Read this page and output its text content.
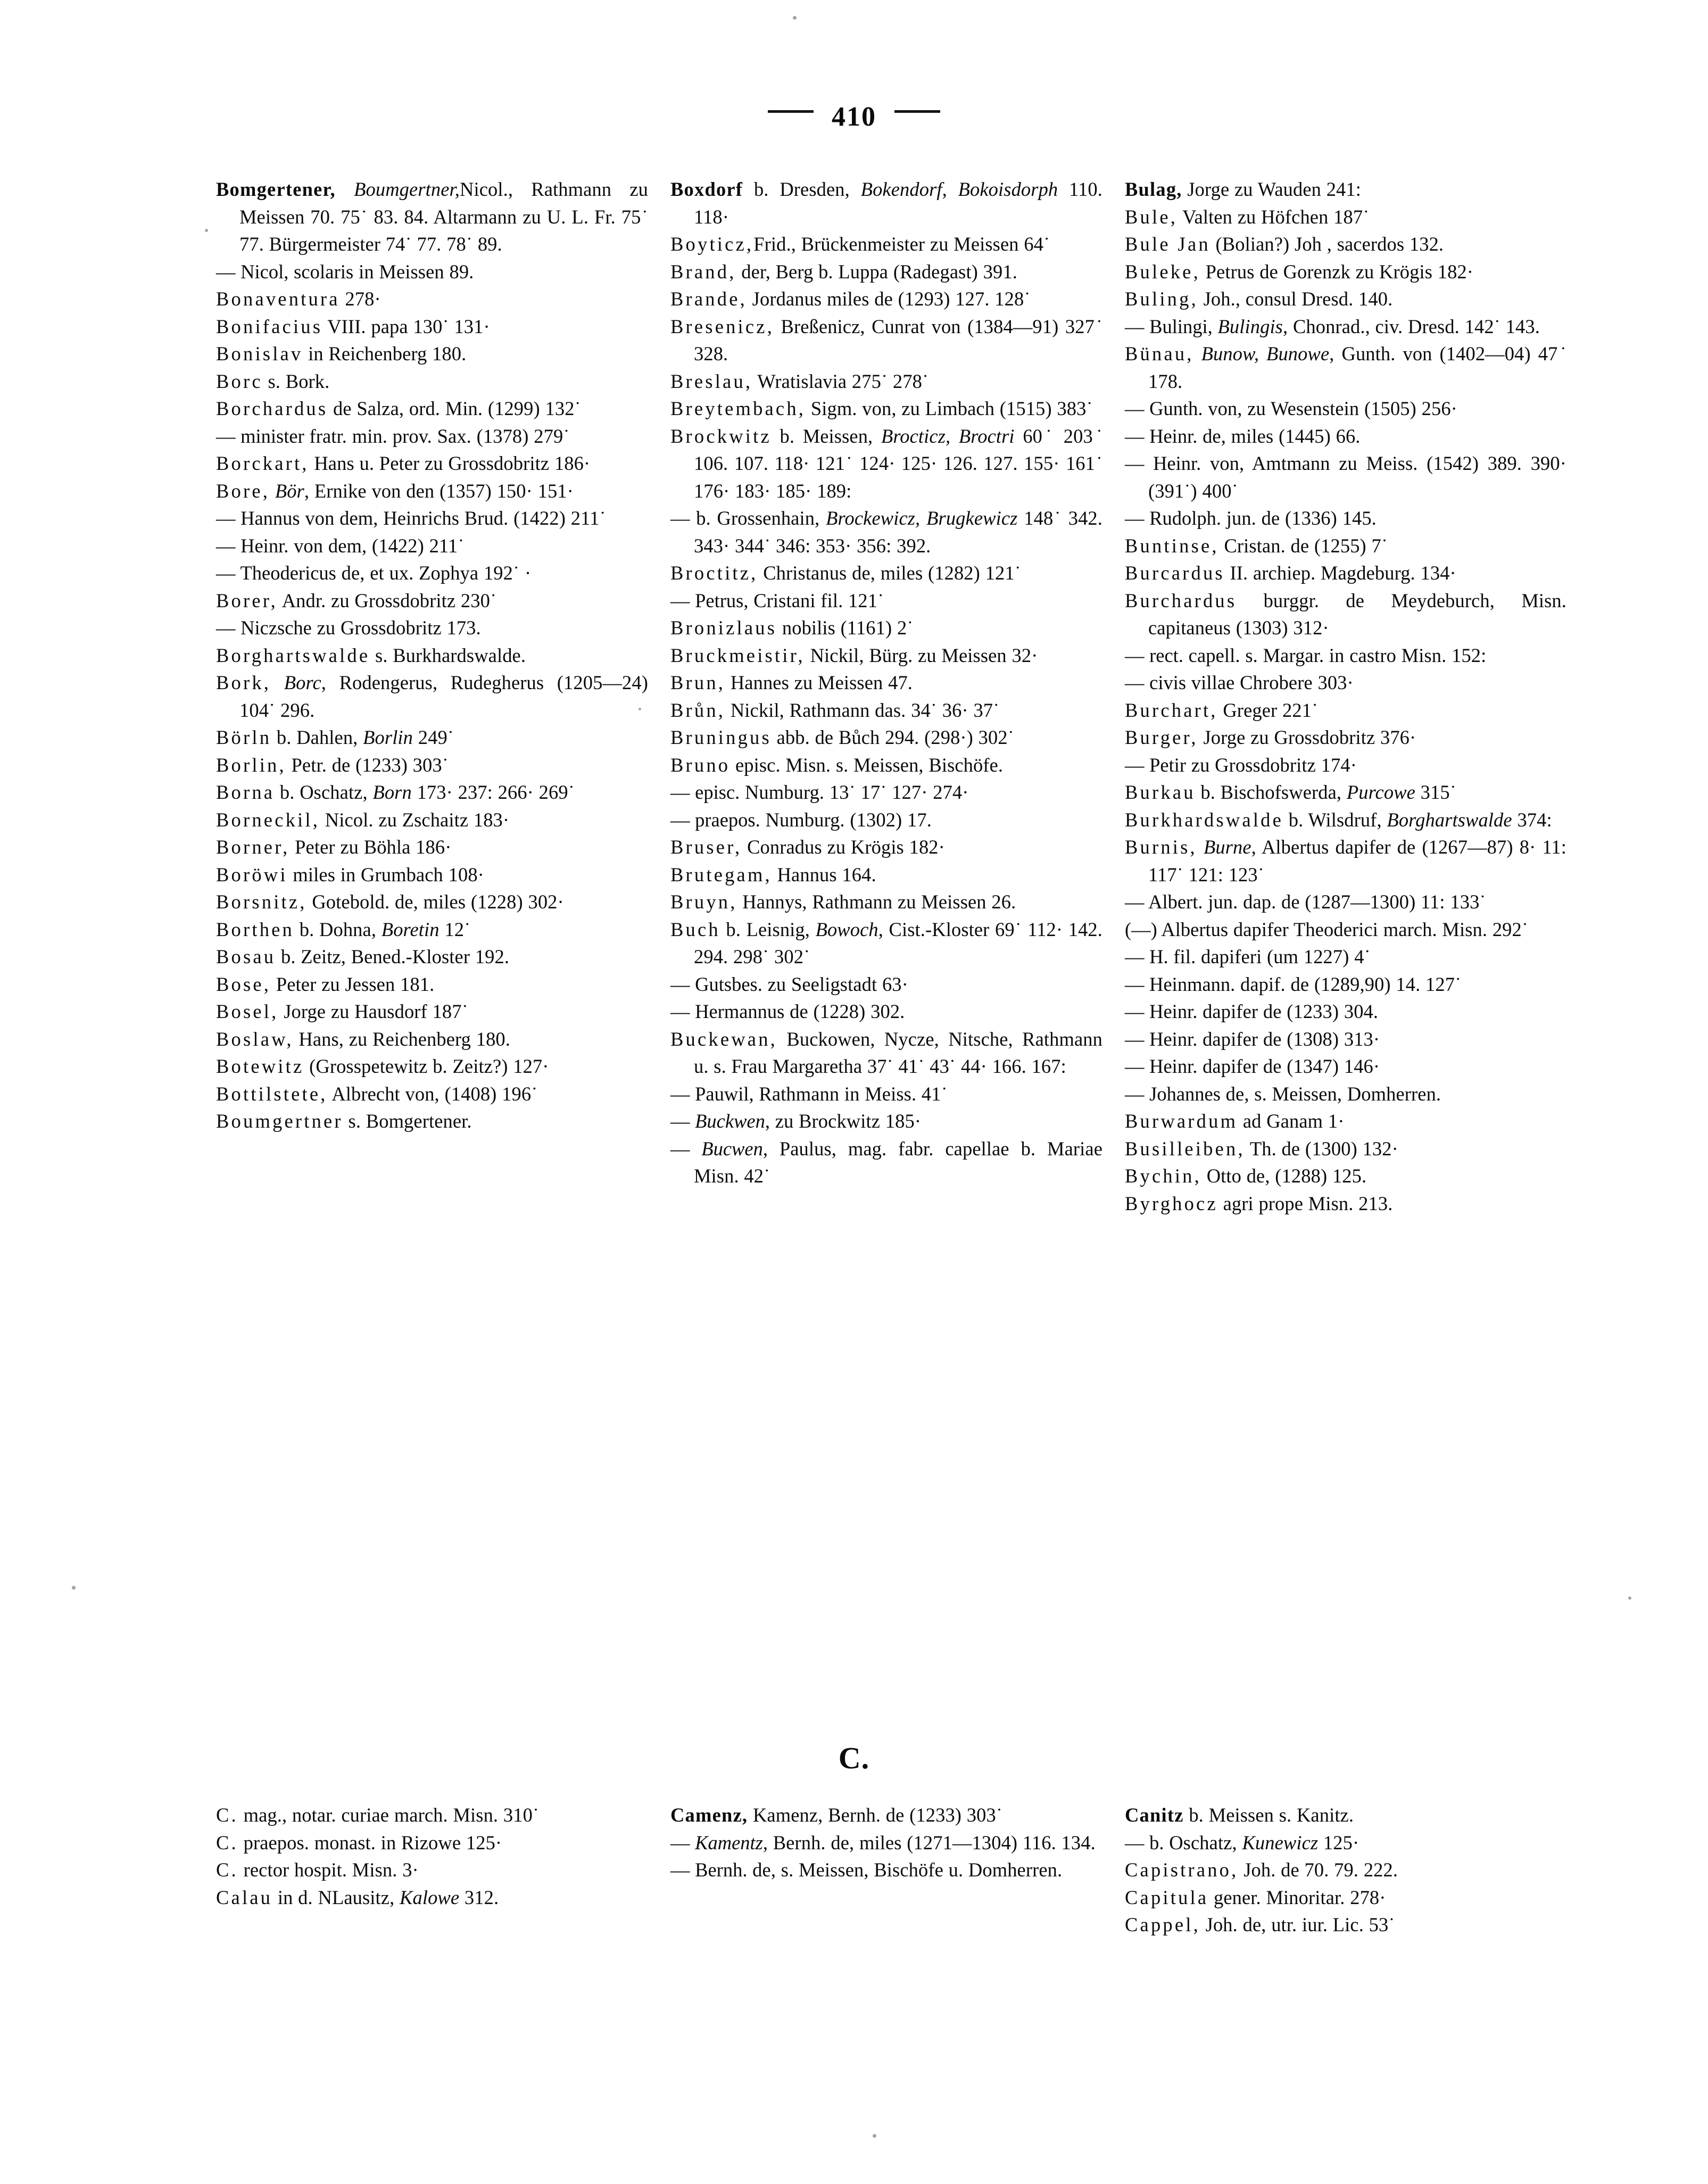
410

Bomgertener, Boumgertner,Nicol., Rathmann zu Meissen 70. 75˙ 83. 84. Altarmann zu U. L. Fr. 75˙ 77. Bürgermeister 74˙ 77. 78˙ 89.

— Nicol, scolaris in Meissen 89.

Bonaventura 278·

Bonifacius VIII. papa 130˙ 131·

Bonislav in Reichenberg 180.

Borc s. Bork.

Borchardus de Salza, ord. Min. (1299) 132˙

— minister fratr. min. prov. Sax. (1378) 279˙

Borckart, Hans u. Peter zu Grossdobritz 186·

Bore, Bör, Ernike von den (1357) 150· 151·

— Hannus von dem, Heinrichs Brud. (1422) 211˙

— Heinr. von dem, (1422) 211˙

— Theodericus de, et ux. Zophya 192˙ ·

Borer, Andr. zu Grossdobritz 230˙

— Niczsche zu Grossdobritz 173.

Borghartswalde s. Burkhardswalde.

Bork, Borc, Rodengerus, Rudegherus (1205—24) 104˙ 296.

Börln b. Dahlen, Borlin 249˙

Borlin, Petr. de (1233) 303˙

Borna b. Oschatz, Born 173· 237: 266· 269˙

Borneckil, Nicol. zu Zschaitz 183·

Borner, Peter zu Böhla 186·

Boröwi miles in Grumbach 108·

Borsnitz, Gotebold. de, miles (1228) 302·

Borthen b. Dohna, Boretin 12˙

Bosau b. Zeitz, Bened.-Kloster 192.

Bose, Peter zu Jessen 181.

Bosel, Jorge zu Hausdorf 187˙

Boslaw, Hans, zu Reichenberg 180.

Botewitz (Grosspetewitz b. Zeitz?) 127·

Bottilstete, Albrecht von, (1408) 196˙

Boumgertner s. Bomgertener.

Boxdorf b. Dresden, Bokendorf, Bokoisdorph 110. 118·

Boyticz,Frid., Brückenmeister zu Meissen 64˙

Brand, der, Berg b. Luppa (Radegast) 391.

Brande, Jordanus miles de (1293) 127. 128˙

Bresenicz, Breßenicz, Cunrat von (1384—91) 327˙ 328.

Breslau, Wratislavia 275˙ 278˙

Breytembach, Sigm. von, zu Limbach (1515) 383˙

Brockwitz b. Meissen, Brocticz, Broctri 60˙ 203˙ 106. 107. 118· 121˙ 124· 125· 126. 127. 155· 161˙ 176· 183· 185· 189:

— b. Grossenhain, Brockewicz, Brugkewicz 148˙ 342. 343· 344˙ 346: 353· 356: 392.

Broctitz, Christanus de, miles (1282) 121˙

— Petrus, Cristani fil. 121˙

Bronizlaus nobilis (1161) 2˙

Bruckmeistir, Nickil, Bürg. zu Meissen 32·

Brun, Hannes zu Meissen 47.

Brůn, Nickil, Rathmann das. 34˙ 36· 37˙

Bruningus abb. de Bůch 294. (298·) 302˙

Bruno episc. Misn. s. Meissen, Bischöfe.

— episc. Numburg. 13˙ 17˙ 127· 274·

— praepos. Numburg. (1302) 17.

Bruser, Conradus zu Krögis 182·

Brutegam, Hannus 164.

Bruyn, Hannys, Rathmann zu Meissen 26.

Buch b. Leisnig, Bowoch, Cist.-Kloster 69˙ 112· 142. 294. 298˙ 302˙

— Gutsbes. zu Seeligstadt 63·

— Hermannus de (1228) 302.

Buckewan, Buckowen, Nycze, Nitsche, Rathmann u. s. Frau Margaretha 37˙ 41˙ 43˙ 44· 166. 167:

— Pauwil, Rathmann in Meiss. 41˙

— Buckwen, zu Brockwitz 185·

— Bucwen, Paulus, mag. fabr. capellae b. Mariae Misn. 42˙

Bulag, Jorge zu Wauden 241:

Bule, Valten zu Höfchen 187˙

Bule Jan (Bolian?) Joh , sacerdos 132.

Buleke, Petrus de Gorenzk zu Krögis 182·

Buling, Joh., consul Dresd. 140.

— Bulingi, Bulingis, Chonrad., civ. Dresd. 142˙ 143.

Bünau, Bunow, Bunowe, Gunth. von (1402—04) 47˙ 178.

— Gunth. von, zu Wesenstein (1505) 256·

— Heinr. de, miles (1445) 66.

— Heinr. von, Amtmann zu Meiss. (1542) 389. 390· (391˙) 400˙

— Rudolph. jun. de (1336) 145.

Buntinse, Cristan. de (1255) 7˙

Burcardus II. archiep. Magdeburg. 134·

Burchardus burggr. de Meydeburch, Misn. capitaneus (1303) 312·

— rect. capell. s. Margar. in castro Misn. 152:

— civis villae Chrobere 303·

Burchart, Greger 221˙

Burger, Jorge zu Grossdobritz 376·

— Petir zu Grossdobritz 174·

Burkau b. Bischofswerda, Purcowe 315˙

Burkhardswalde b. Wilsdruf, Borghartswalde 374:

Burnis, Burne, Albertus dapifer de (1267—87) 8· 11: 117˙ 121: 123˙

— Albert. jun. dap. de (1287—1300) 11: 133˙

(—) Albertus dapifer Theoderici march. Misn. 292˙

— H. fil. dapiferi (um 1227) 4˙

— Heinmann. dapif. de (1289,90) 14. 127˙

— Heinr. dapifer de (1233) 304.

— Heinr. dapifer de (1308) 313·

— Heinr. dapifer de (1347) 146·

— Johannes de, s. Meissen, Domherren.

Burwardum ad Ganam 1·

Busilleiben, Th. de (1300) 132·

Bychin, Otto de, (1288) 125.

Byrghocz agri prope Misn. 213.

C.

C. mag., notar. curiae march. Misn. 310˙

C. praepos. monast. in Rizowe 125·

C. rector hospit. Misn. 3·

Calau in d. NLausitz, Kalowe 312.

Camenz, Kamenz, Bernh. de (1233) 303˙

— Kamentz, Bernh. de, miles (1271—1304) 116. 134.

— Bernh. de, s. Meissen, Bischöfe u. Domherren.

Canitz b. Meissen s. Kanitz.

— b. Oschatz, Kunewicz 125·

Capistrano, Joh. de 70. 79. 222.

Capitula gener. Minoritar. 278·

Cappel, Joh. de, utr. iur. Lic. 53˙
